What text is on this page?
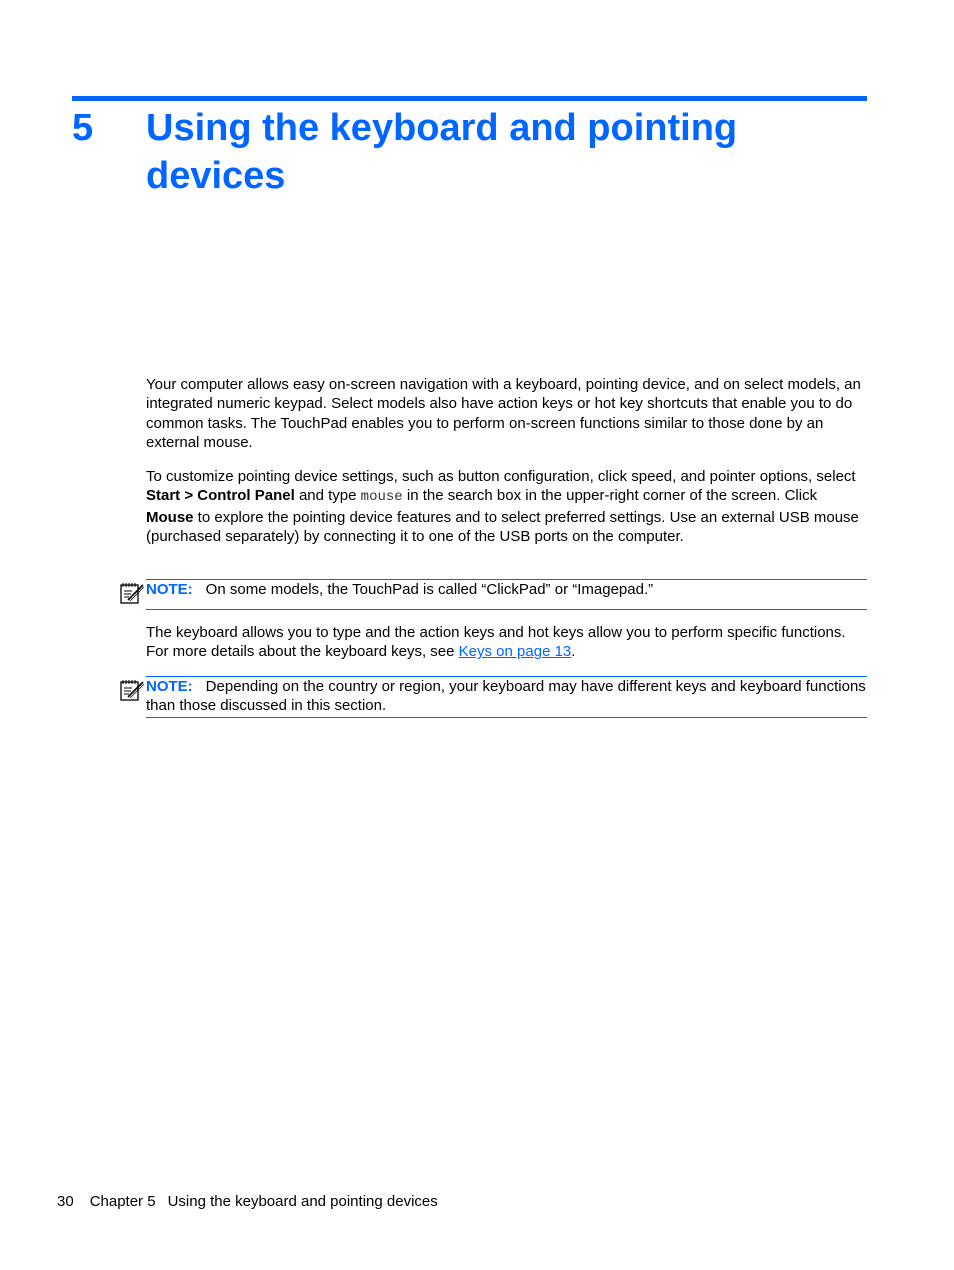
5 Using the keyboard and pointing devices
Your computer allows easy on-screen navigation with a keyboard, pointing device, and on select models, an integrated numeric keypad. Select models also have action keys or hot key shortcuts that enable you to do common tasks. The TouchPad enables you to perform on-screen functions similar to those done by an external mouse.
To customize pointing device settings, such as button configuration, click speed, and pointer options, select Start > Control Panel and type mouse in the search box in the upper-right corner of the screen. Click Mouse to explore the pointing device features and to select preferred settings. Use an external USB mouse (purchased separately) by connecting it to one of the USB ports on the computer.
NOTE: On some models, the TouchPad is called “ClickPad” or “Imagepad.”
The keyboard allows you to type and the action keys and hot keys allow you to perform specific functions. For more details about the keyboard keys, see Keys on page 13.
NOTE: Depending on the country or region, your keyboard may have different keys and keyboard functions than those discussed in this section.
30 Chapter 5 Using the keyboard and pointing devices
